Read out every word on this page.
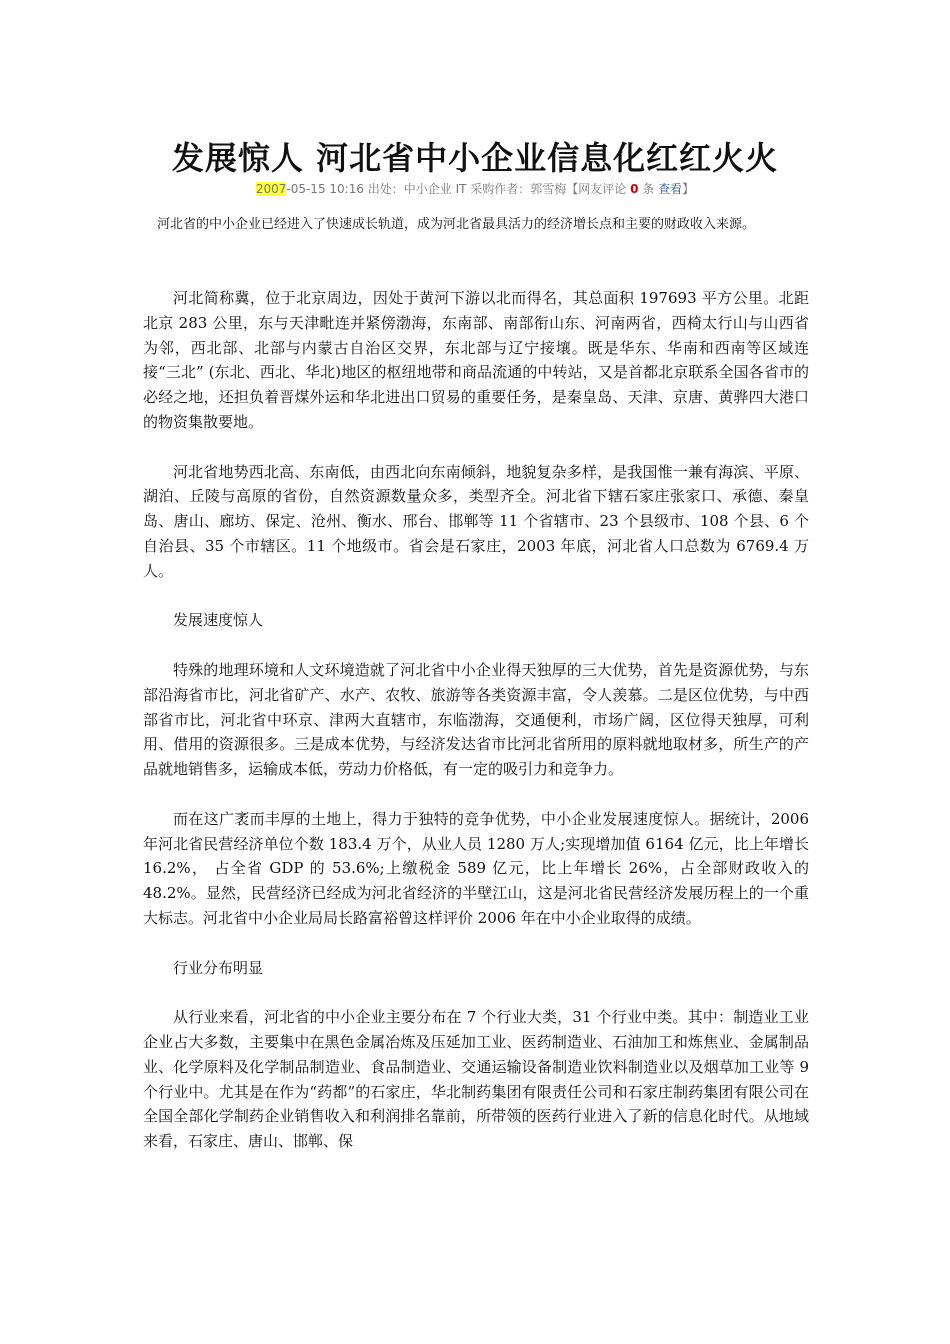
发展惊人 河北省中小企业信息化红红火火
2007-05-15 10:16 出处：中小企业 IT 采购作者：郭雪梅【网友评论 0 条 查看】
河北省的中小企业已经进入了快速成长轨道，成为河北省最具活力的经济增长点和主要的财政收入来源。

河北简称冀，位于北京周边，因处于黄河下游以北而得名，其总面积 197693 平方公里。北距北京 283 公里，东与天津毗连并紧傍渤海，东南部、南部衔山东、河南两省，西椅太行山与山西省为邻，西北部、北部与内蒙古自治区交界，东北部与辽宁接壤。既是华东、华南和西南等区域连接“三北” (东北、西北、华北)地区的枢纽地带和商品流通的中转站，又是首都北京联系全国各省市的必经之地，还担负着晋煤外运和华北进出口贸易的重要任务，是秦皇岛、天津、京唐、黄骅四大港口的物资集散要地。

河北省地势西北高、东南低，由西北向东南倾斜，地貌复杂多样，是我国惟一兼有海滨、平原、湖泊、丘陵与高原的省份，自然资源数量众多，类型齐全。河北省下辖石家庄张家口、承德、秦皇岛、唐山、廊坊、保定、沧州、衡水、邢台、邯郸等 11 个省辖市、23 个县级市、108 个县、6 个自治县、35 个市辖区。11 个地级市。省会是石家庄，2003 年底，河北省人口总数为 6769.4 万人。

发展速度惊人

特殊的地理环境和人文环境造就了河北省中小企业得天独厚的三大优势，首先是资源优势，与东部沿海省市比，河北省矿产、水产、农牧、旅游等各类资源丰富，令人羡慕。二是区位优势，与中西部省市比，河北省中环京、津两大直辖市，东临渤海，交通便利，市场广阔，区位得天独厚，可利用、借用的资源很多。三是成本优势，与经济发达省市比河北省所用的原料就地取材多，所生产的产品就地销售多，运输成本低，劳动力价格低，有一定的吸引力和竞争力。

而在这广袤而丰厚的土地上，得力于独特的竞争优势，中小企业发展速度惊人。据统计，2006 年河北省民营经济单位个数 183.4 万个，从业人员 1280 万人;实现增加值 6164 亿元，比上年增长 16.2%， 占全省 GDP 的 53.6%;上缴税金 589 亿元，比上年增长 26%，占全部财政收入的 48.2%。显然，民营经济已经成为河北省经济的半壁江山，这是河北省民营经济发展历程上的一个重大标志。河北省中小企业局局长路富裕曾这样评价 2006 年在中小企业取得的成绩。

行业分布明显

从行业来看，河北省的中小企业主要分布在 7 个行业大类，31 个行业中类。其中：制造业工业企业占大多数，主要集中在黑色金属冶炼及压延加工业、医药制造业、石油加工和炼焦业、金属制品业、化学原料及化学制品制造业、食品制造业、交通运输设备制造业饮料制造业以及烟草加工业等 9 个行业中。尤其是在作为“药都”的石家庄，华北制药集团有限责任公司和石家庄制药集团有限公司在全国全部化学制药企业销售收入和利润排名靠前，所带领的医药行业进入了新的信息化时代。从地域来看，石家庄、唐山、邯郸、保
